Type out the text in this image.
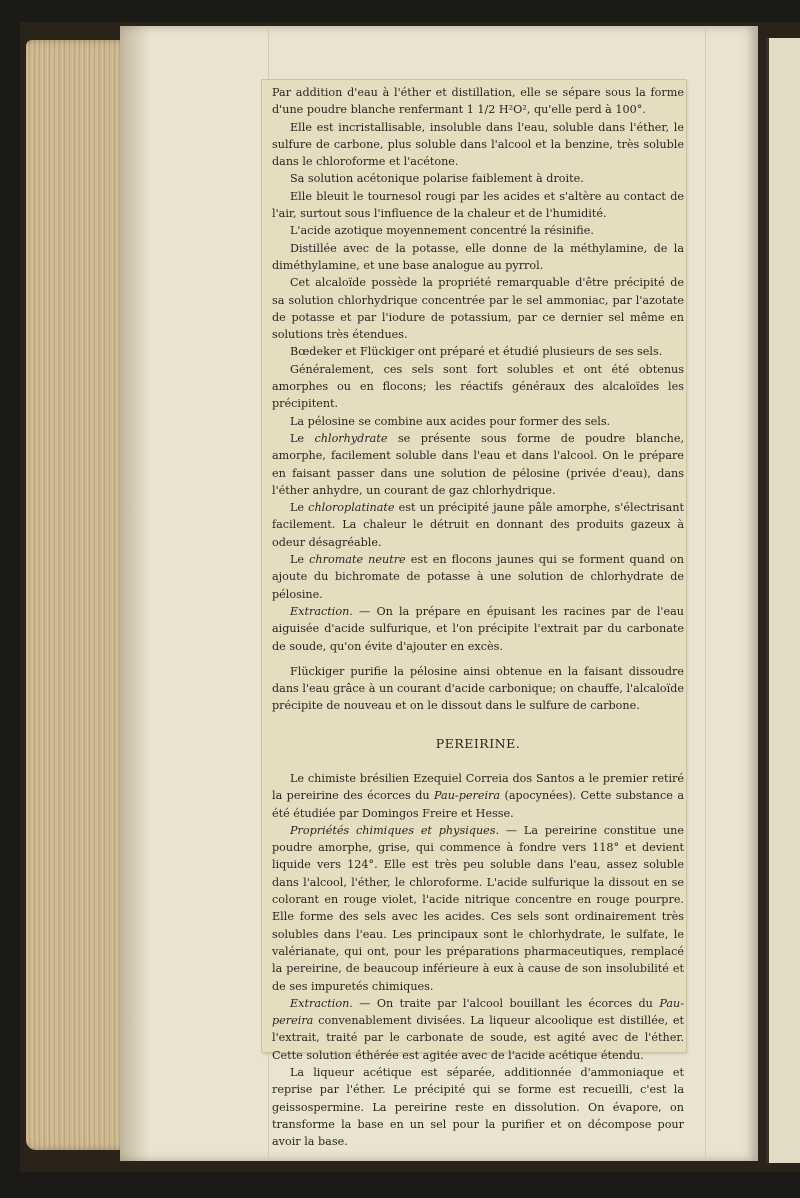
Par addition d'eau à l'éther et distillation, elle se sépare sous la forme d'une poudre blanche renfermant 1 1/2 H²O², qu'elle perd à 100°.

Elle est incristallisable, insoluble dans l'eau, soluble dans l'éther, le sulfure de carbone, plus soluble dans l'alcool et la benzine, très soluble dans le chloroforme et l'acétone.

Sa solution acétonique polarise faiblement à droite.

Elle bleuit le tournesol rougi par les acides et s'altère au contact de l'air, surtout sous l'influence de la chaleur et de l'humidité.

L'acide azotique moyennement concentré la résinifie.

Distillée avec de la potasse, elle donne de la méthylamine, de la diméthylamine, et une base analogue au pyrrol.

Cet alcaloïde possède la propriété remarquable d'être précipité de sa solution chlorhydrique concentrée par le sel ammoniac, par l'azotate de potasse et par l'iodure de potassium, par ce dernier sel même en solutions très étendues.

Bœdeker et Flückiger ont préparé et étudié plusieurs de ses sels.

Généralement, ces sels sont fort solubles et ont été obtenus amorphes ou en flocons; les réactifs généraux des alcaloïdes les précipitent.

La pélosine se combine aux acides pour former des sels.

Le chlorhydrate se présente sous forme de poudre blanche, amorphe, facilement soluble dans l'eau et dans l'alcool. On le prépare en faisant passer dans une solution de pélosine (privée d'eau), dans l'éther anhydre, un courant de gaz chlorhydrique.

Le chloroplatinate est un précipité jaune pâle amorphe, s'électrisant facilement. La chaleur le détruit en donnant des produits gazeux à odeur désagréable.

Le chromate neutre est en flocons jaunes qui se forment quand on ajoute du bichromate de potasse à une solution de chlorhydrate de pélosine.

Extraction. — On la prépare en épuisant les racines par de l'eau aiguisée d'acide sulfurique, et l'on précipite l'extrait par du carbonate de soude, qu'on évite d'ajouter en excès.

Flückiger purifie la pélosine ainsi obtenue en la faisant dissoudre dans l'eau grâce à un courant d'acide carbonique; on chauffe, l'alcaloïde précipite de nouveau et on le dissout dans le sulfure de carbone.

PEREIRINE.

Le chimiste brésilien Ezequiel Correia dos Santos a le premier retiré la pereirine des écorces du Pau-pereira (apocynées). Cette substance a été étudiée par Domingos Freire et Hesse.

Propriétés chimiques et physiques. — La pereirine constitue une poudre amorphe, grise, qui commence à fondre vers 118° et devient liquide vers 124°. Elle est très peu soluble dans l'eau, assez soluble dans l'alcool, l'éther, le chloroforme. L'acide sulfurique la dissout en se colorant en rouge violet, l'acide nitrique concentre en rouge pourpre. Elle forme des sels avec les acides. Ces sels sont ordinairement très solubles dans l'eau. Les principaux sont le chlorhydrate, le sulfate, le valérianate, qui ont, pour les préparations pharmaceutiques, remplacé la pereirine, de beaucoup inférieure à eux à cause de son insolubilité et de ses impuretés chimiques.

Extraction. — On traite par l'alcool bouillant les écorces du Pau-pereira convenablement divisées. La liqueur alcoolique est distillée, et l'extrait, traité par le carbonate de soude, est agité avec de l'éther. Cette solution éthérée est agitée avec de l'acide acétique étendu.

La liqueur acétique est séparée, additionnée d'ammoniaque et reprise par l'éther. Le précipité qui se forme est recueilli, c'est la geissospermine. La pereirine reste en dissolution. On évapore, on transforme la base en un sel pour la purifier et on décompose pour avoir la base.
